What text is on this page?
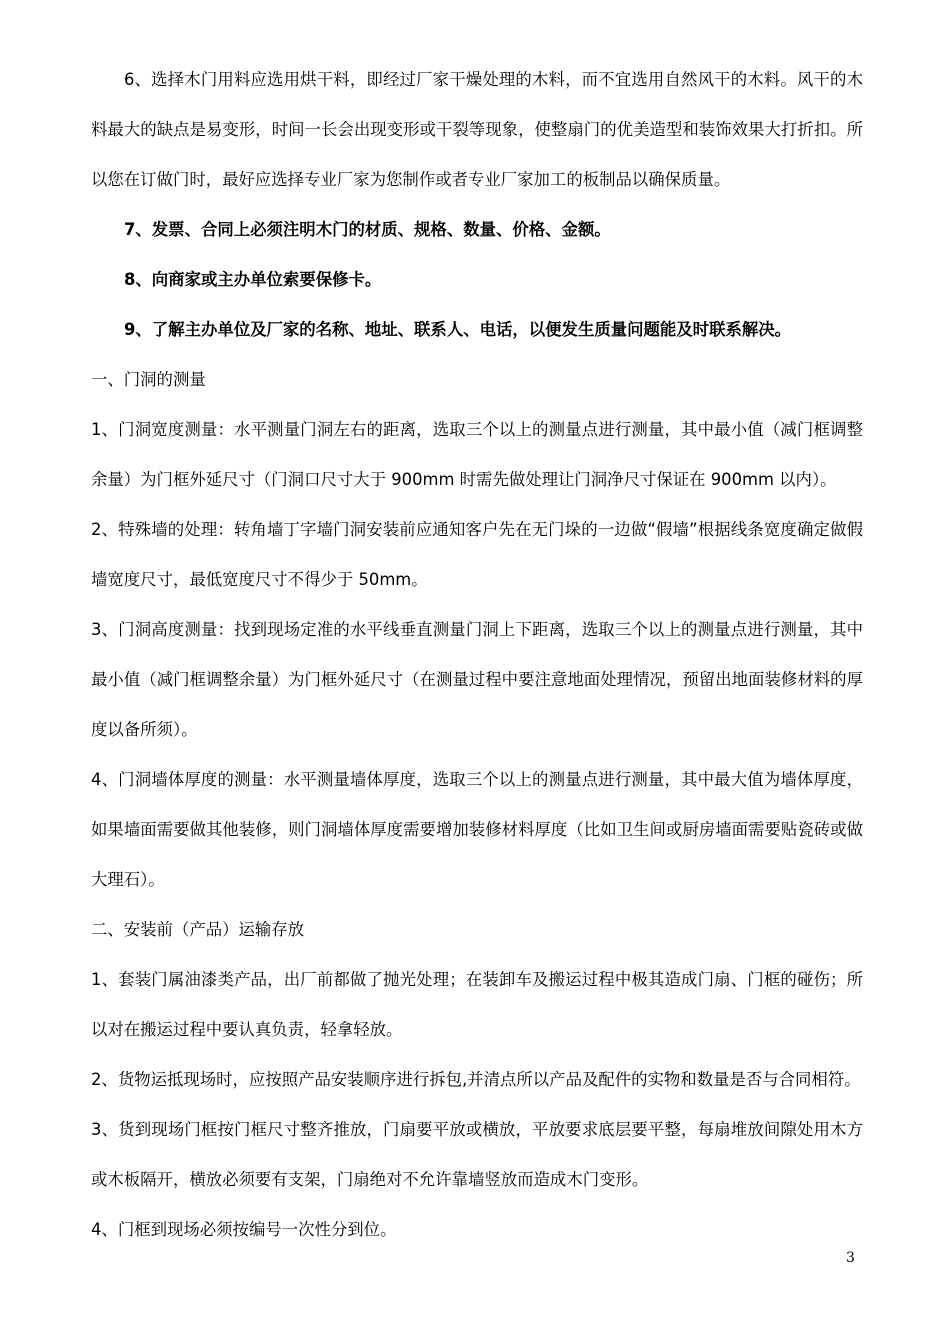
6、选择木门用料应选用烘干料，即经过厂家干燥处理的木料，而不宜选用自然风干的木料。风干的木料最大的缺点是易变形，时间一长会出现变形或干裂等现象，使整扇门的优美造型和装饰效果大打折扣。所以您在订做门时，最好应选择专业厂家为您制作或者专业厂家加工的板制品以确保质量。

7、发票、合同上必须注明木门的材质、规格、数量、价格、金额。

8、向商家或主办单位索要保修卡。

9、了解主办单位及厂家的名称、地址、联系人、电话，以便发生质量问题能及时联系解决。

一、门洞的测量

1、门洞宽度测量：水平测量门洞左右的距离，选取三个以上的测量点进行测量，其中最小值（减门框调整余量）为门框外延尺寸（门洞口尺寸大于 900mm 时需先做处理让门洞净尺寸保证在 900mm 以内）。

2、特殊墙的处理：转角墙丁字墙门洞安装前应通知客户先在无门垛的一边做“假墙”根据线条宽度确定做假墙宽度尺寸，最低宽度尺寸不得少于 50mm。

3、门洞高度测量：找到现场定准的水平线垂直测量门洞上下距离，选取三个以上的测量点进行测量，其中最小值（减门框调整余量）为门框外延尺寸（在测量过程中要注意地面处理情况，预留出地面装修材料的厚度以备所须）。

4、门洞墙体厚度的测量：水平测量墙体厚度，选取三个以上的测量点进行测量，其中最大值为墙体厚度，如果墙面需要做其他装修，则门洞墙体厚度需要增加装修材料厚度（比如卫生间或厨房墙面需要贴瓷砖或做大理石）。

二、安装前（产品）运输存放

1、套装门属油漆类产品，出厂前都做了抛光处理；在装卸车及搬运过程中极其造成门扇、门框的碰伤；所以对在搬运过程中要认真负责，轻拿轻放。

2、货物运抵现场时，应按照产品安装顺序进行拆包,并清点所以产品及配件的实物和数量是否与合同相符。

3、货到现场门框按门框尺寸整齐推放，门扇要平放或横放，平放要求底层要平整，每扇堆放间隙处用木方或木板隔开，横放必须要有支架，门扇绝对不允许靠墙竖放而造成木门变形。

4、门框到现场必须按编号一次性分到位。

3
